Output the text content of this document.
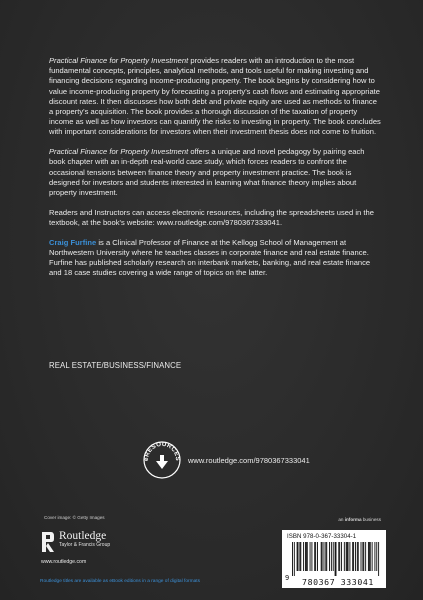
Practical Finance for Property Investment provides readers with an introduction to the most fundamental concepts, principles, analytical methods, and tools useful for making investing and financing decisions regarding income-producing property. The book begins by considering how to value income-producing property by forecasting a property's cash flows and estimating appropriate discount rates. It then discusses how both debt and private equity are used as methods to finance a property's acquisition. The book provides a thorough discussion of the taxation of property income as well as how investors can quantify the risks to investing in property. The book concludes with important considerations for investors when their investment thesis does not come to fruition.

Practical Finance for Property Investment offers a unique and novel pedagogy by pairing each book chapter with an in-depth real-world case study, which forces readers to confront the occasional tensions between finance theory and property investment practice. The book is designed for investors and students interested in learning what finance theory implies about property investment.

Readers and Instructors can access electronic resources, including the spreadsheets used in the textbook, at the book's website: www.routledge.com/9780367333041.

Craig Furfine is a Clinical Professor of Finance at the Kellogg School of Management at Northwestern University where he teaches classes in corporate finance and real estate finance. Furfine has published scholarly research on interbank markets, banking, and real estate finance and 18 case studies covering a wide range of topics on the latter.

REAL ESTATE/BUSINESS/FINANCE
eRESOURCES www.routledge.com/9780367333041
Cover image: © Getty Images	an informa business
Routledge
Taylor & Francis Group
www.routledge.com
Routledge titles are available as eBook editions in a range of digital formats
ISBN 978-0-367-33304-1
9	780367 333041
